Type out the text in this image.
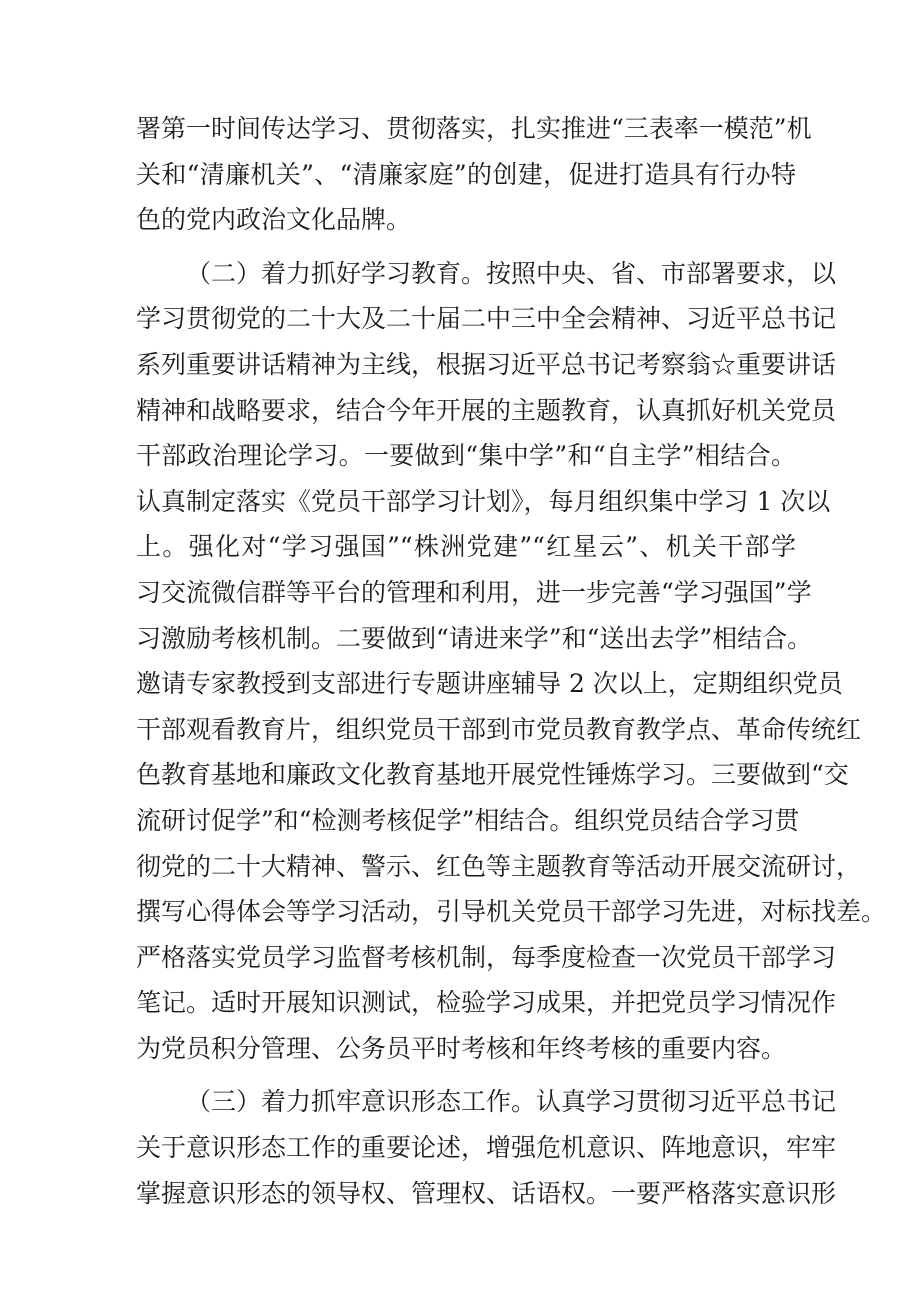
署第一时间传达学习、贯彻落实，扎实推进“三表率一模范”机
关和“清廉机关”、“清廉家庭”的创建，促进打造具有行办特
色的党内政治文化品牌。
（二）着力抓好学习教育。按照中央、省、市部署要求，以
学习贯彻党的二十大及二十届二中三中全会精神、习近平总书记
系列重要讲话精神为主线，根据习近平总书记考察翁☆重要讲话
精神和战略要求，结合今年开展的主题教育，认真抓好机关党员
干部政治理论学习。一要做到“集中学”和“自主学”相结合。
认真制定落实《党员干部学习计划》，每月组织集中学习 1 次以
上。强化对“学习强国”“株洲党建”“红星云”、机关干部学
习交流微信群等平台的管理和利用，进一步完善“学习强国”学
习激励考核机制。二要做到“请进来学”和“送出去学”相结合。
邀请专家教授到支部进行专题讲座辅导 2 次以上，定期组织党员
干部观看教育片，组织党员干部到市党员教育教学点、革命传统红
色教育基地和廉政文化教育基地开展党性锤炼学习。三要做到“交
流研讨促学”和“检测考核促学”相结合。组织党员结合学习贯
彻党的二十大精神、警示、红色等主题教育等活动开展交流研讨，
撰写心得体会等学习活动，引导机关党员干部学习先进，对标找差。
严格落实党员学习监督考核机制，每季度检查一次党员干部学习
笔记。适时开展知识测试，检验学习成果，并把党员学习情况作
为党员积分管理、公务员平时考核和年终考核的重要内容。
（三）着力抓牢意识形态工作。认真学习贯彻习近平总书记
关于意识形态工作的重要论述，增强危机意识、阵地意识，牢牢
掌握意识形态的领导权、管理权、话语权。一要严格落实意识形
